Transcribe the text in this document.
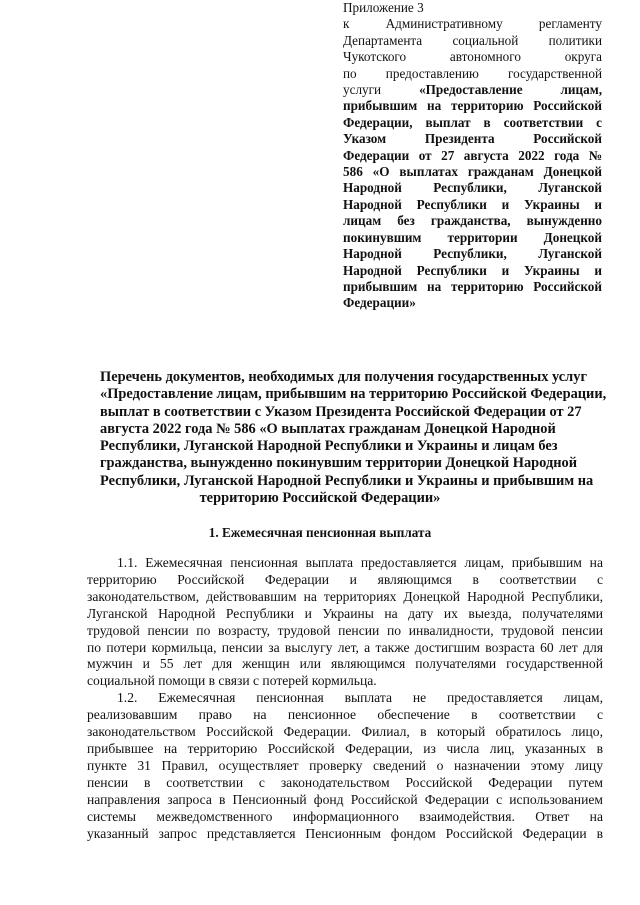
Приложение 3
к Административному регламенту
Департамента социальной политики
Чукотского автономного округа
по предоставлению государственной
услуги	«Предоставление лицам,
прибывшим на территорию Российской
Федерации, выплат в соответствии с
Указом Президента Российской
Федерации от 27 августа 2022 года №
586 «О выплатах гражданам Донецкой
Народной Республики, Луганской
Народной Республики и Украины и
лицам без гражданства, вынужденно
покинувшим территории Донецкой
Народной Республики, Луганской
Народной Республики и Украины и
прибывшим на территорию Российской
Федерации»
Перечень документов, необходимых для получения государственных услуг
«Предоставление лицам, прибывшим на территорию Российской Федерации,
выплат в соответствии с Указом Президента Российской Федерации от 27
августа 2022 года № 586 «О выплатах гражданам Донецкой Народной
Республики, Луганской Народной Республики и Украины и лицам без
гражданства, вынужденно покинувшим территории Донецкой Народной
Республики, Луганской Народной Республики и Украины и прибывшим на
территорию Российской Федерации»
1. Ежемесячная пенсионная выплата
1.1. Ежемесячная пенсионная выплата предоставляется лицам, прибывшим на
территорию Российской Федерации и являющимся в соответствии с
законодательством, действовавшим на территориях Донецкой Народной Республики,
Луганской Народной Республики и Украины на дату их выезда, получателями
трудовой пенсии по возрасту, трудовой пенсии по инвалидности, трудовой пенсии
по потери кормильца, пенсии за выслугу лет, а также достигшим возраста 60 лет для
мужчин и 55 лет для женщин или являющимся получателями государственной
социальной помощи в связи с потерей кормильца.
1.2. Ежемесячная пенсионная выплата не предоставляется лицам,
реализовавшим право на пенсионное обеспечение в соответствии с
законодательством Российской Федерации. Филиал, в который обратилось лицо,
прибывшее на территорию Российской Федерации, из числа лиц, указанных в
пункте 31 Правил, осуществляет проверку сведений о назначении этому лицу
пенсии в соответствии с законодательством Российской Федерации путем
направления запроса в Пенсионный фонд Российской Федерации с использованием
системы межведомственного информационного взаимодействия. Ответ на
указанный запрос представляется Пенсионным фондом Российской Федерации в
